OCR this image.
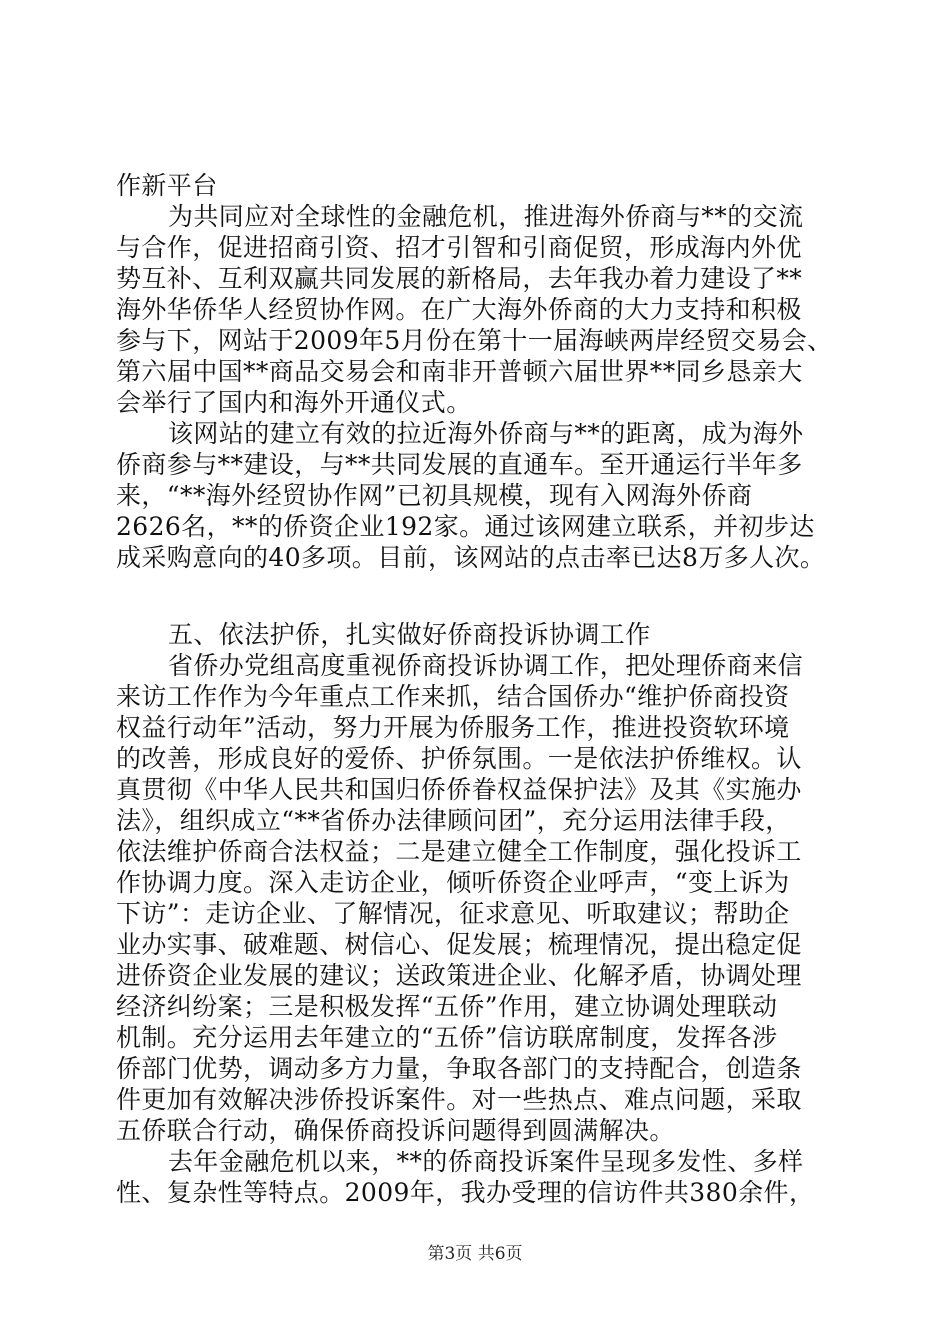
作新平台
为共同应对全球性的金融危机，推进海外侨商与**的交流
与合作，促进招商引资、招才引智和引商促贸，形成海内外优
势互补、互利双赢共同发展的新格局，去年我办着力建设了**
海外华侨华人经贸协作网。在广大海外侨商的大力支持和积极
参与下，网站于2009年5月份在第十一届海峡两岸经贸交易会、
第六届中国**商品交易会和南非开普顿六届世界**同乡恳亲大
会举行了国内和海外开通仪式。
该网站的建立有效的拉近海外侨商与**的距离，成为海外
侨商参与**建设，与**共同发展的直通车。至开通运行半年多
来，“**海外经贸协作网”已初具规模，现有入网海外侨商
2626名，**的侨资企业192家。通过该网建立联系，并初步达
成采购意向的40多项。目前，该网站的点击率已达8万多人次。
五、依法护侨，扎实做好侨商投诉协调工作
省侨办党组高度重视侨商投诉协调工作，把处理侨商来信
来访工作作为今年重点工作来抓，结合国侨办“维护侨商投资
权益行动年”活动，努力开展为侨服务工作，推进投资软环境
的改善，形成良好的爱侨、护侨氛围。一是依法护侨维权。认
真贯彻《中华人民共和国归侨侨眷权益保护法》及其《实施办
法》，组织成立“**省侨办法律顾问团”，充分运用法律手段，
依法维护侨商合法权益；二是建立健全工作制度，强化投诉工
作协调力度。深入走访企业，倾听侨资企业呼声，“变上诉为
下访”：走访企业、了解情况，征求意见、听取建议；帮助企
业办实事、破难题、树信心、促发展；梳理情况，提出稳定促
进侨资企业发展的建议；送政策进企业、化解矛盾，协调处理
经济纠纷案；三是积极发挥“五侨”作用，建立协调处理联动
机制。充分运用去年建立的“五侨”信访联席制度，发挥各涉
侨部门优势，调动多方力量，争取各部门的支持配合，创造条
件更加有效解决涉侨投诉案件。对一些热点、难点问题，采取
五侨联合行动，确保侨商投诉问题得到圆满解决。
去年金融危机以来，**的侨商投诉案件呈现多发性、多样
性、复杂性等特点。2009年，我办受理的信访件共380余件，
第3页 共6页
